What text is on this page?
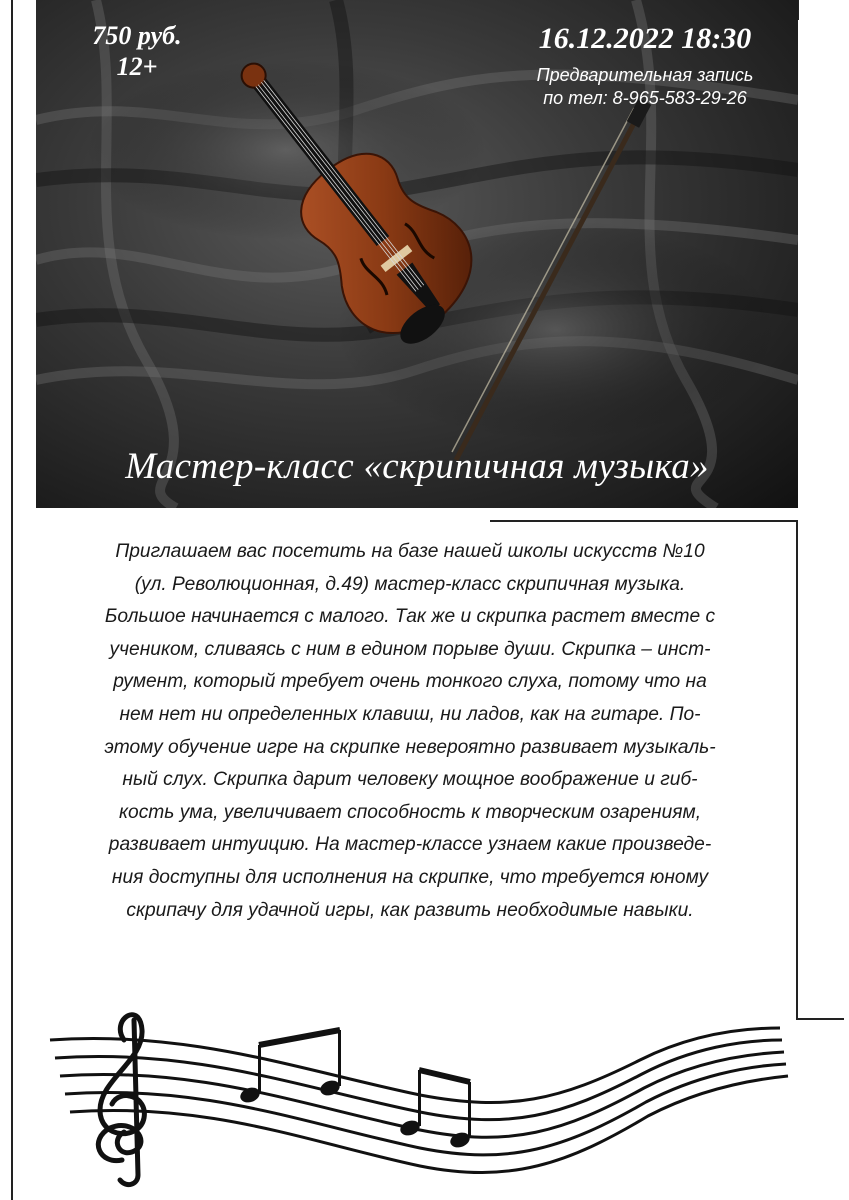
750 руб.
12+
16.12.2022 18:30
Предварительная запись
по тел: 8-965-583-29-26
Мастер-класс «скрипичная музыка»
Приглашаем вас посетить на базе нашей школы искусств №10
(ул. Революционная, д.49) мастер-класс скрипичная музыка.
Большое начинается с малого. Так же и скрипка растет вместе с
учеником, сливаясь с ним в едином порыве души. Скрипка – инст-
румент, который требует очень тонкого слуха, потому что на
нем нет ни определенных клавиш, ни ладов, как на гитаре. По-
этому обучение игре на скрипке невероятно развивает музыкаль-
ный слух. Скрипка дарит человеку мощное воображение и гиб-
кость ума, увеличивает способность к творческим озарениям,
развивает интуицию. На мастер-классе узнаем какие произведе-
ния доступны для исполнения на скрипке, что требуется юному
скрипачу для удачной игры, как развить необходимые навыки.
